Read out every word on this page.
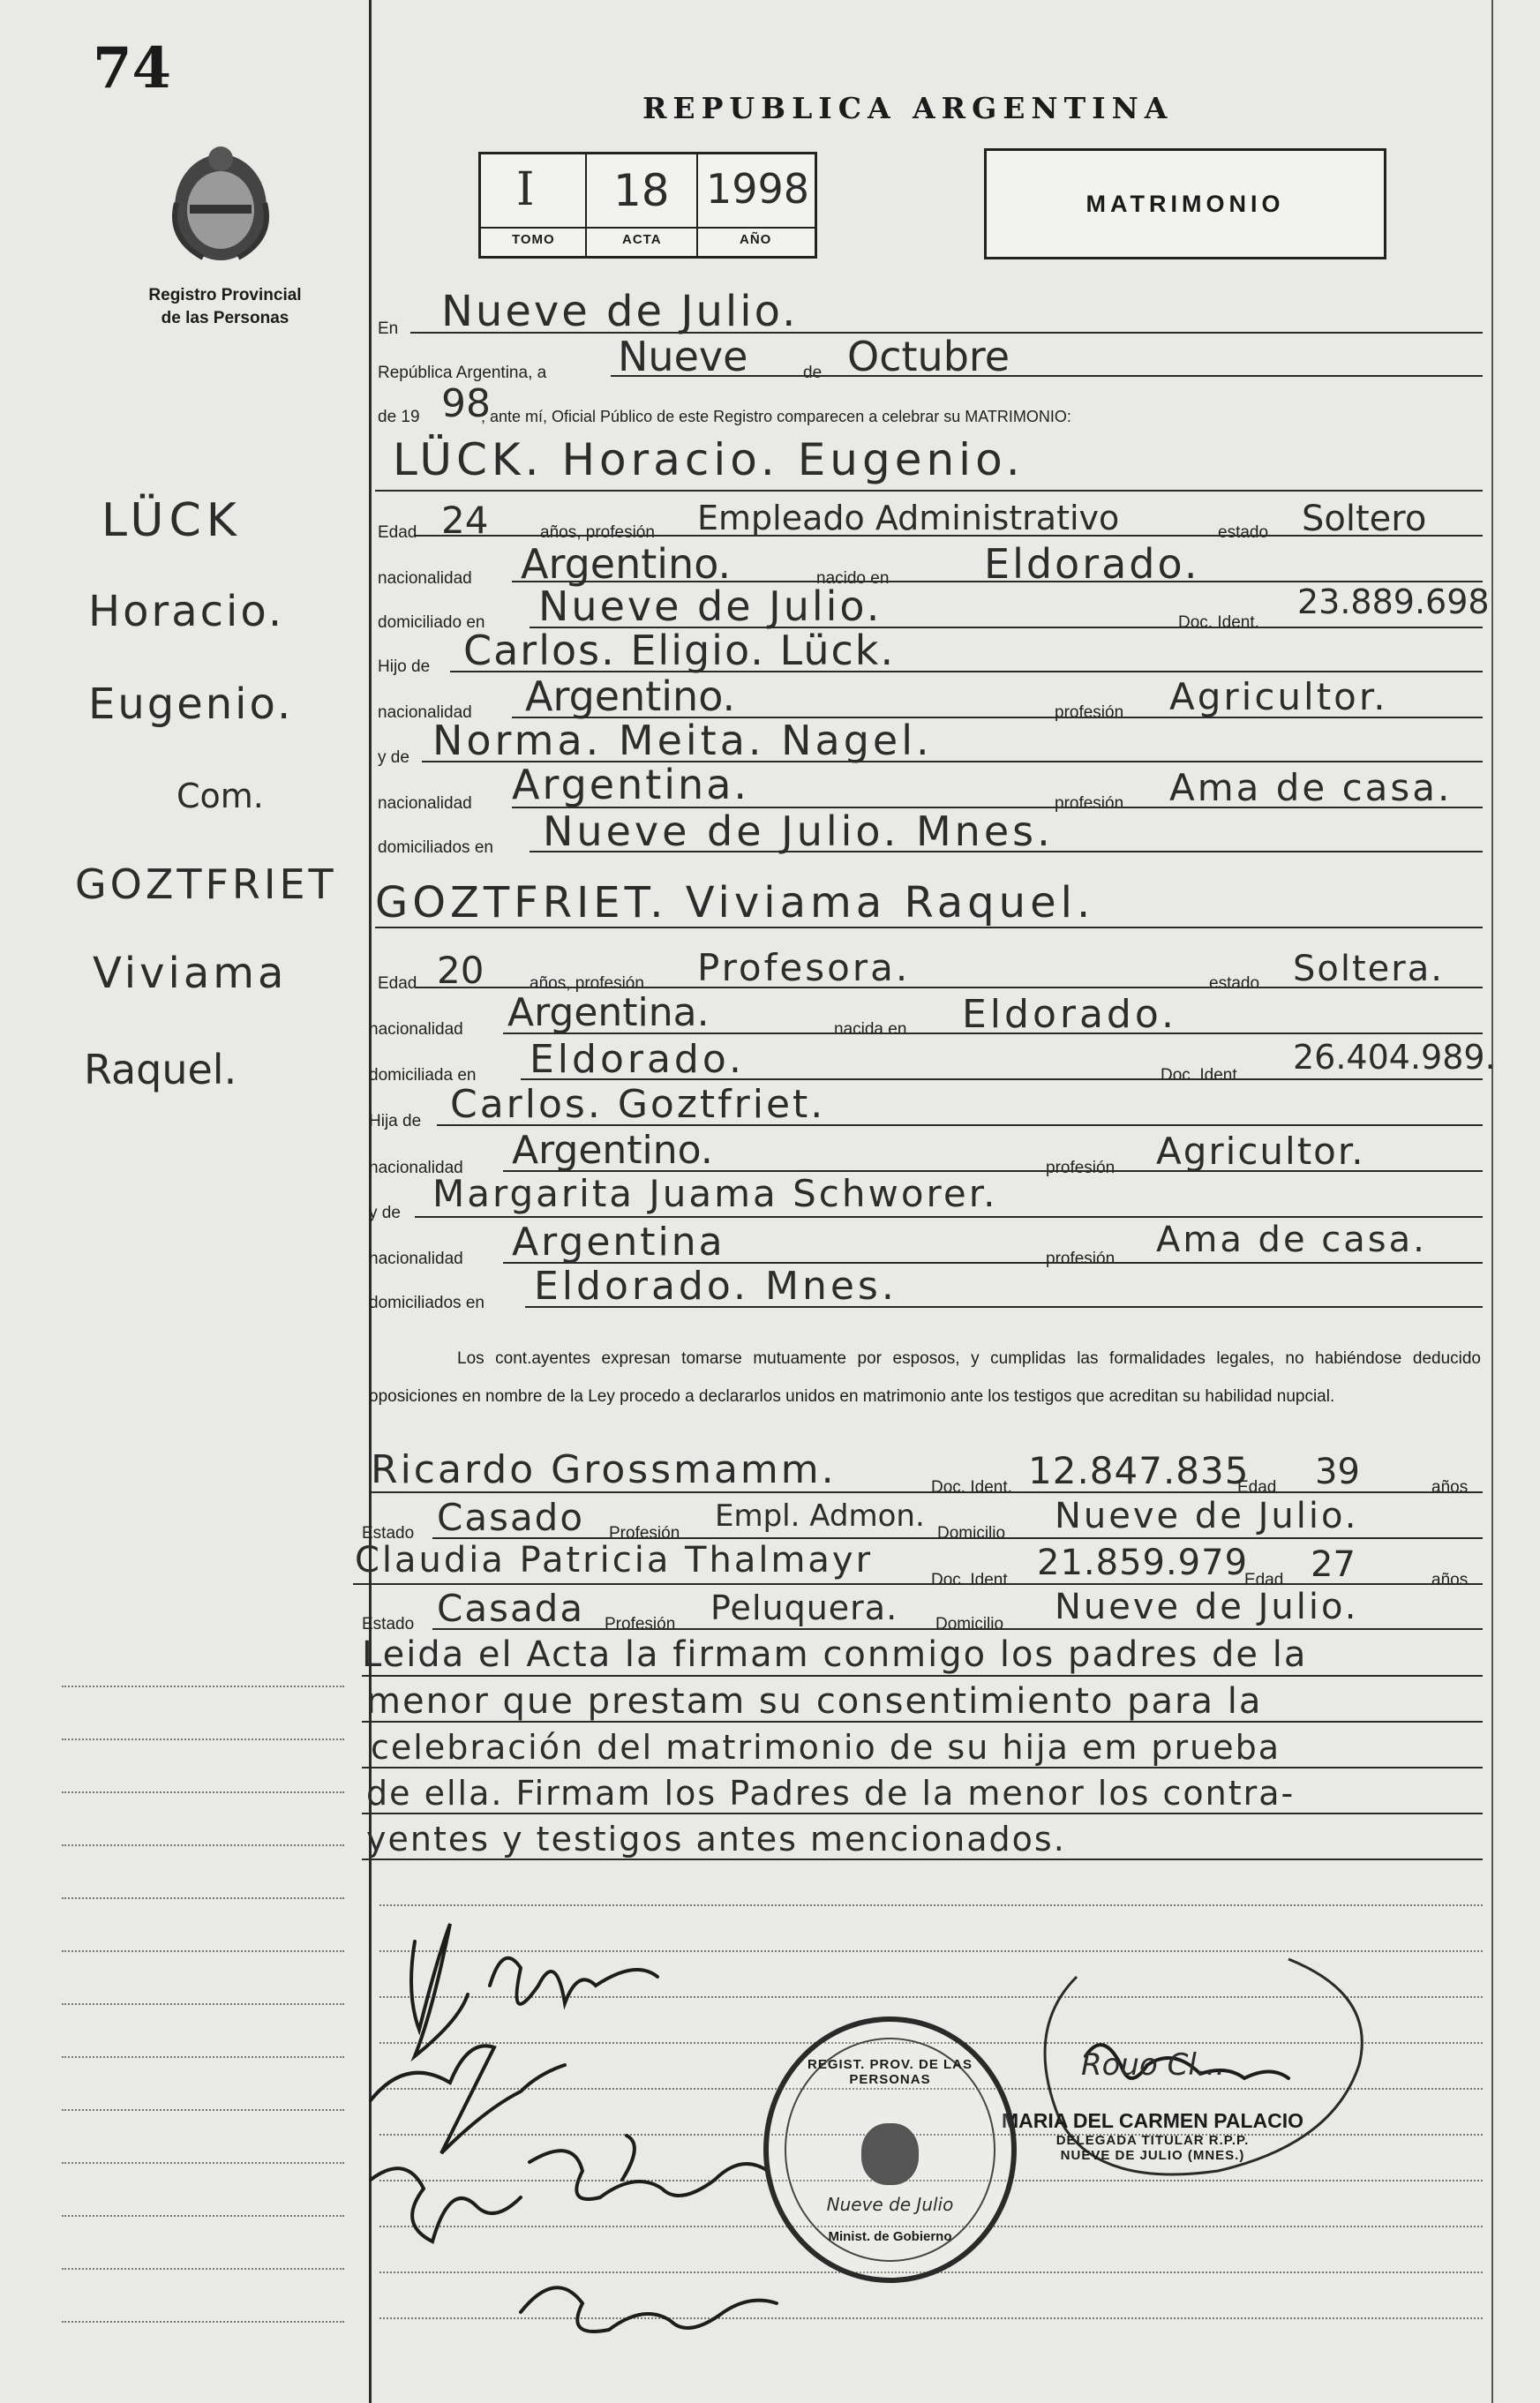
74
Registro Provincial
de las Personas
LÜCK
Horacio.
Eugenio.
Com.
GOZTFRIET
Viviama
Raquel.
REPUBLICA ARGENTINA
I 18 1998
TOMO	ACTA	AÑO
MATRIMONIO
En Nueve de Julio.
República Argentina, a Nueve	de Octubre
de 19 98
; ante mí, Oficial Público de este Registro comparecen a celebrar su MATRIMONIO:
LÜCK. Horacio. Eugenio.
Edad 24	años, profesión Empleado Administrativo	estado Soltero
nacionalidad Argentino.	nacido en Eldorado.
domiciliado en Nueve de Julio.	Doc. Ident.
23.889.698
Hijo de Carlos. Eligio. Lück.
nacionalidad Argentino.	profesión Agricultor.
y de Norma. Meita. Nagel.
nacionalidad Argentina.	profesión Ama de casa.
domiciliados en Nueve de Julio. Mnes.
GOZTFRIET. Viviama Raquel.
Edad 20	años, profesión Profesora.	estado Soltera.
nacionalidad Argentina.	nacida en Eldorado.
domiciliada en Eldorado.	Doc. Ident. 26.404.989.
Hija de Carlos. Goztfriet.
nacionalidad Argentino.	profesión Agricultor.
y de Margarita Juama Schworer.
nacionalidad Argentina	profesión Ama de casa.
domiciliados en Eldorado. Mnes.
Los cont.ayentes expresan tomarse mutuamente por esposos, y cumplidas las formalidades legales, no habiéndose deducido oposiciones en nombre de la Ley procedo a declararlos unidos en matrimonio ante los testigos que acreditan su habilidad nupcial.
Ricardo Grossmamm.	Doc. Ident. 12.847.835
Edad 39	años
Estado Casado Profesión Empl. Admon. Domicilio Nueve de Julio.
Claudia Patricia Thalmayr	Doc. Ident. 21.859.979
Edad 27	años
Estado Casada Profesión Peluquera. Domicilio Nueve de Julio.
Leida el Acta la firmam conmigo los padres de la
menor que prestam su consentimiento para la
celebración del matrimonio de su hija em prueba
de ella. Firmam los Padres de la menor los contra-
yentes y testigos antes mencionados.
Rouo Cl...
MARIA DEL CARMEN PALACIO
DELEGADA TITULAR R.P.P.
NUEVE DE JULIO (MNES.)
REGIST. PROV. DE LAS PERSONAS
Nueve de Julio
Minist. de Gobierno
